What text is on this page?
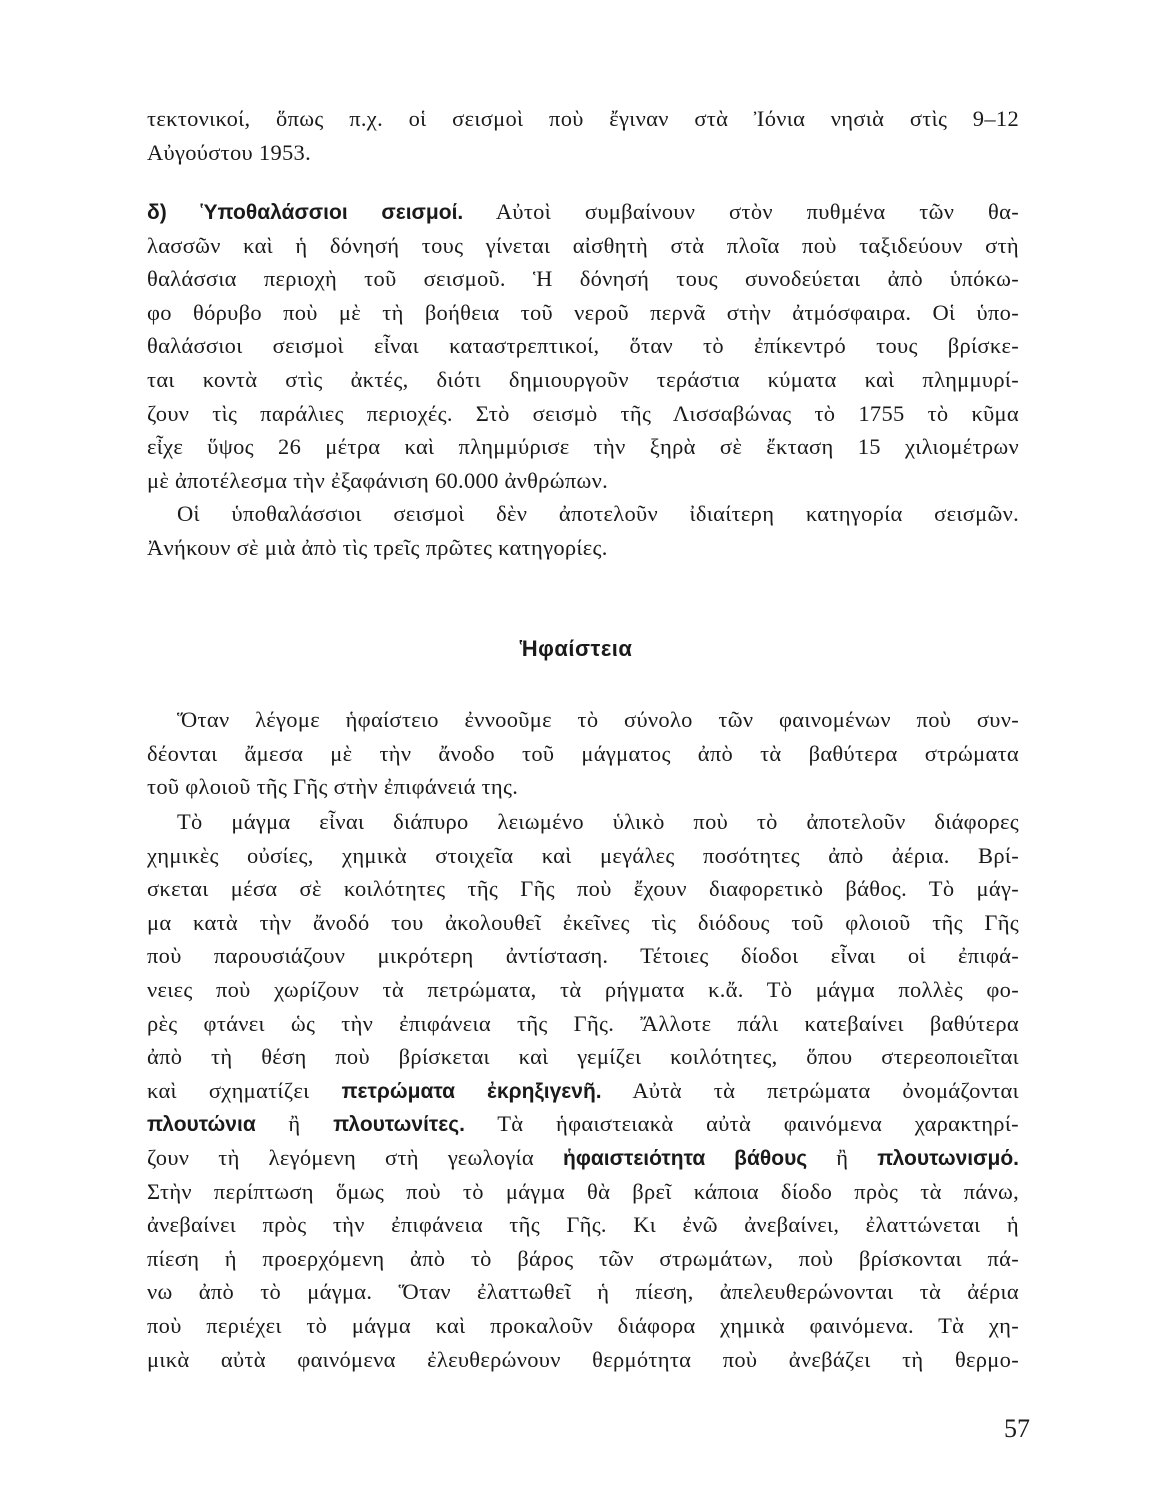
τεκτονικοί, ὅπως π.χ. οἱ σεισμοὶ ποὺ ἔγιναν στὰ Ἰόνια νησιὰ στὶς 9–12
Αὐγούστου 1953.
δ) Ὑποθαλάσσιοι σεισμοί. Αὐτοὶ συμβαίνουν στὸν πυθμένα τῶν θα-
λασσῶν καὶ ἡ δόνησή τους γίνεται αἰσθητὴ στὰ πλοῖα ποὺ ταξιδεύουν στὴ
θαλάσσια περιοχὴ τοῦ σεισμοῦ. Ἡ δόνησή τους συνοδεύεται ἀπὸ ὑπόκω-
φο θόρυβο ποὺ μὲ τὴ βοήθεια τοῦ νεροῦ περνᾶ στὴν ἀτμόσφαιρα. Οἱ ὑπο-
θαλάσσιοι σεισμοὶ εἶναι καταστρεπτικοί, ὅταν τὸ ἐπίκεντρό τους βρίσκε-
ται κοντὰ στὶς ἀκτές, διότι δημιουργοῦν τεράστια κύματα καὶ πλημμυρί-
ζουν τὶς παράλιες περιοχές. Στὸ σεισμὸ τῆς Λισσαβώνας τὸ 1755 τὸ κῦμα
εἶχε ὕψος 26 μέτρα καὶ πλημμύρισε τὴν ξηρὰ σὲ ἔκταση 15 χιλιομέτρων
μὲ ἀποτέλεσμα τὴν ἐξαφάνιση 60.000 ἀνθρώπων.
Οἱ ὑποθαλάσσιοι σεισμοὶ δὲν ἀποτελοῦν ἰδιαίτερη κατηγορία σεισμῶν.
Ἀνήκουν σὲ μιὰ ἀπὸ τὶς τρεῖς πρῶτες κατηγορίες.
Ἡφαίστεια
Ὅταν λέγομε ἡφαίστειο ἐννοοῦμε τὸ σύνολο τῶν φαινομένων ποὺ συν-
δέονται ἄμεσα μὲ τὴν ἄνοδο τοῦ μάγματος ἀπὸ τὰ βαθύτερα στρώματα
τοῦ φλοιοῦ τῆς Γῆς στὴν ἐπιφάνειά της.
Τὸ μάγμα εἶναι διάπυρο λειωμένο ὑλικὸ ποὺ τὸ ἀποτελοῦν διάφορες
χημικὲς οὐσίες, χημικὰ στοιχεῖα καὶ μεγάλες ποσότητες ἀπὸ ἀέρια. Βρί-
σκεται μέσα σὲ κοιλότητες τῆς Γῆς ποὺ ἔχουν διαφορετικὸ βάθος. Τὸ μάγ-
μα κατὰ τὴν ἄνοδό του ἀκολουθεῖ ἐκεῖνες τὶς διόδους τοῦ φλοιοῦ τῆς Γῆς
ποὺ παρουσιάζουν μικρότερη ἀντίσταση. Τέτοιες δίοδοι εἶναι οἱ ἐπιφά-
νειες ποὺ χωρίζουν τὰ πετρώματα, τὰ ρήγματα κ.ἄ. Τὸ μάγμα πολλὲς φο-
ρὲς φτάνει ὡς τὴν ἐπιφάνεια τῆς Γῆς. Ἄλλοτε πάλι κατεβαίνει βαθύτερα
ἀπὸ τὴ θέση ποὺ βρίσκεται καὶ γεμίζει κοιλότητες, ὅπου στερεοποιεῖται
καὶ σχηματίζει πετρώματα ἐκρηξιγενῆ. Αὐτὰ τὰ πετρώματα ὀνομάζονται
πλουτώνια ἢ πλουτωνίτες. Τὰ ἡφαιστειακὰ αὐτὰ φαινόμενα χαρακτηρί-
ζουν τὴ λεγόμενη στὴ γεωλογία ἡφαιστειότητα βάθους ἢ πλουτωνισμό.
Στὴν περίπτωση ὅμως ποὺ τὸ μάγμα θὰ βρεῖ κάποια δίοδο πρὸς τὰ πάνω,
ἀνεβαίνει πρὸς τὴν ἐπιφάνεια τῆς Γῆς. Κι ἐνῶ ἀνεβαίνει, ἐλαττώνεται ἡ
πίεση ἡ προερχόμενη ἀπὸ τὸ βάρος τῶν στρωμάτων, ποὺ βρίσκονται πά-
νω ἀπὸ τὸ μάγμα. Ὅταν ἐλαττωθεῖ ἡ πίεση, ἀπελευθερώνονται τὰ ἀέρια
ποὺ περιέχει τὸ μάγμα καὶ προκαλοῦν διάφορα χημικὰ φαινόμενα. Τὰ χη-
μικὰ αὐτὰ φαινόμενα ἐλευθερώνουν θερμότητα ποὺ ἀνεβάζει τὴ θερμο-
57
